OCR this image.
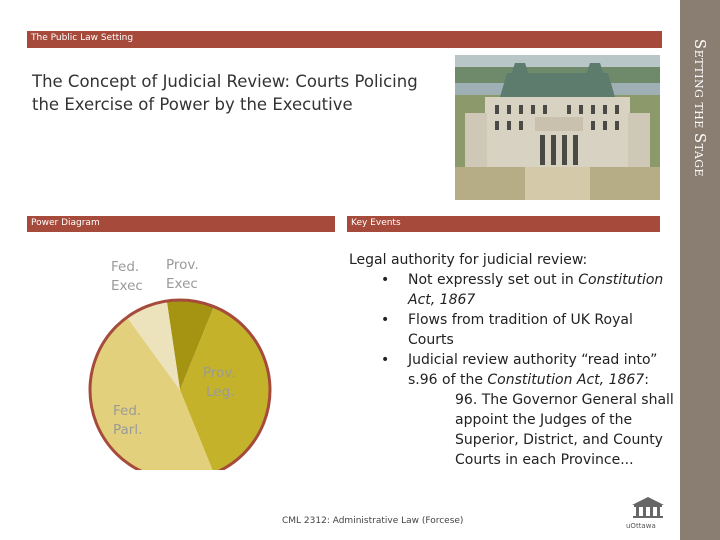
The Public Law Setting
SETTING THE STAGE
The Concept of Judicial Review: Courts Policing the Exercise of Power by the Executive
Power Diagram	Key Events
Fed.
Exec
Prov.
Exec
Prov.
Leg.
Fed.
Parl.
Legal authority for judicial review:
• Not expressly set out in Constitution Act, 1867
• Flows from tradition of UK Royal Courts
• Judicial review authority “read into” s.96 of the Constitution Act, 1867:
96. The Governor General shall appoint the Judges of the Superior, District, and County Courts in each Province...
CML 2312: Administrative Law (Forcese)	uOttawa
